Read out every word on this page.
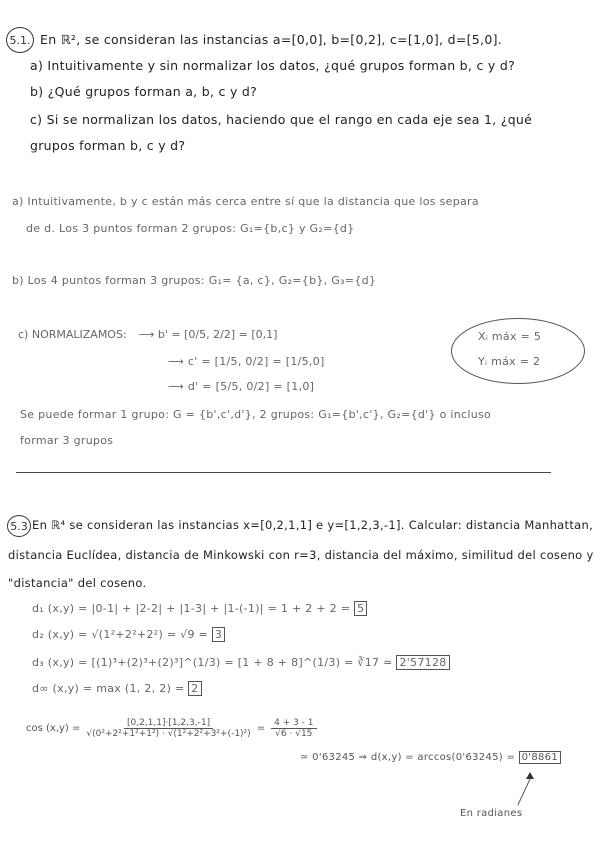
5.1. En ℝ², se consideran las instancias a=[0,0], b=[0,2], c=[1,0], d=[5,0].
a) Intuitivamente y sin normalizar los datos, ¿qué grupos forman b, c y d?
b) ¿Qué grupos forman a, b, c y d?
c) Si se normalizan los datos, haciendo que el rango en cada eje sea 1, ¿qué
grupos forman b, c y d?
a) Intuitivamente, b y c están más cerca entre sí que la distancia que los separa
de d. Los 3 puntos forman 2 grupos: G₁={b,c} y G₂={d}
b) Los 4 puntos forman 3 grupos: G₁= {a, c}, G₂={b}, G₃={d}
c) NORMALIZAMOS: ⟶ b' = [0/5, 2/2] = [0,1]
⟶ c' = [1/5, 0/2] = [1/5,0]
⟶ d' = [5/5, 0/2] = [1,0]
Xᵢ máx = 5
Yᵢ máx = 2
Se puede formar 1 grupo: G = {b',c',d'}, 2 grupos: G₁={b',c'}, G₂={d'} o incluso
formar 3 grupos
5.3 En ℝ⁴ se consideran las instancias x=[0,2,1,1] e y=[1,2,3,-1]. Calcular: distancia Manhattan,
distancia Euclídea, distancia de Minkowski con r=3, distancia del máximo, similitud del coseno y
"distancia" del coseno.
d₁ (x,y) = |0-1| + |2-2| + |1-3| + |1-(-1)| = 1 + 2 + 2 = 5
d₂ (x,y) = √(1²+2²+2²) = √9 = 3
d₃ (x,y) = [(1)³+(2)³+(2)³]^(1/3) = [1 + 8 + 8]^(1/3) = ∛17 ≃ 2'57128
d∞ (x,y) = max (1, 2, 2) = 2
$\cos (x,y) = \frac{[0,2,1,1]\cdot[1,2,3,-1]}{\text{√(0²+2²+1²+1²) · √(1²+2²+3²+(-1)²)}} = \frac{4 + 3 - 1}{√6 \cdot √15}$
≃ 0'63245 ⇒ d(x,y) = arccos(0'63245) = 0'8861
En radianes
